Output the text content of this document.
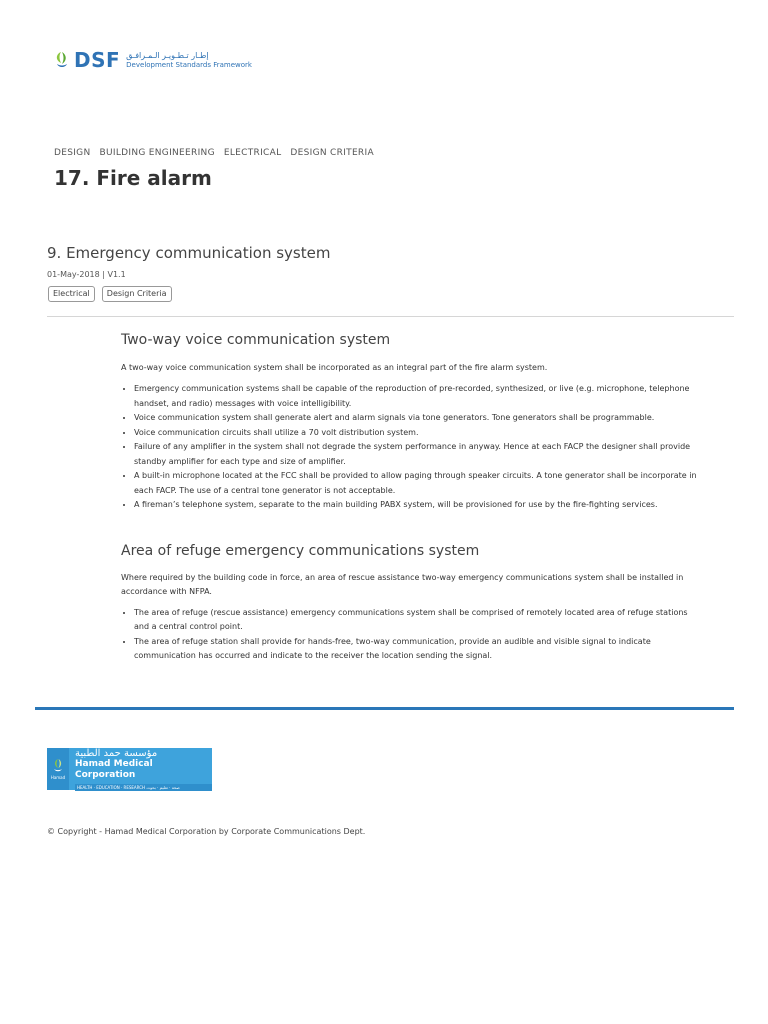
DSF إطـار تـطـويـر الـمـرافـق
Development Standards Framework
DESIGN BUILDING ENGINEERING ELECTRICAL DESIGN CRITERIA
17. Fire alarm
9. Emergency communication system
01-May-2018 | V1.1
Electrical	Design Criteria
Two-way voice communication system

A two-way voice communication system shall be incorporated as an integral part of the fire alarm system.

• Emergency communication systems shall be capable of the reproduction of pre-recorded, synthesized, or live (e.g. microphone, telephone handset, and radio) messages with voice intelligibility.
• Voice communication system shall generate alert and alarm signals via tone generators. Tone generators shall be programmable.
• Voice communication circuits shall utilize a 70 volt distribution system.
• Failure of any amplifier in the system shall not degrade the system performance in anyway. Hence at each FACP the designer shall provide standby amplifier for each type and size of amplifier.
• A built-in microphone located at the FCC shall be provided to allow paging through speaker circuits. A tone generator shall be incorporate in each FACP. The use of a central tone generator is not acceptable.
• A fireman’s telephone system, separate to the main building PABX system, will be provisioned for use by the fire-fighting services.
Area of refuge emergency communications system

Where required by the building code in force, an area of rescue assistance two-way emergency communications system shall be installed in accordance with NFPA.

• The area of refuge (rescue assistance) emergency communications system shall be comprised of remotely located area of refuge stations and a central control point.
• The area of refuge station shall provide for hands-free, two-way communication, provide an audible and visible signal to indicate communication has occurred and indicate to the receiver the location sending the signal.
Hamad
مؤسسة حمد الطبية
Hamad Medical Corporation
HEALTH · EDUCATION · RESEARCH صحة · تعليم · بحوث
© Copyright - Hamad Medical Corporation by Corporate Communications Dept.
